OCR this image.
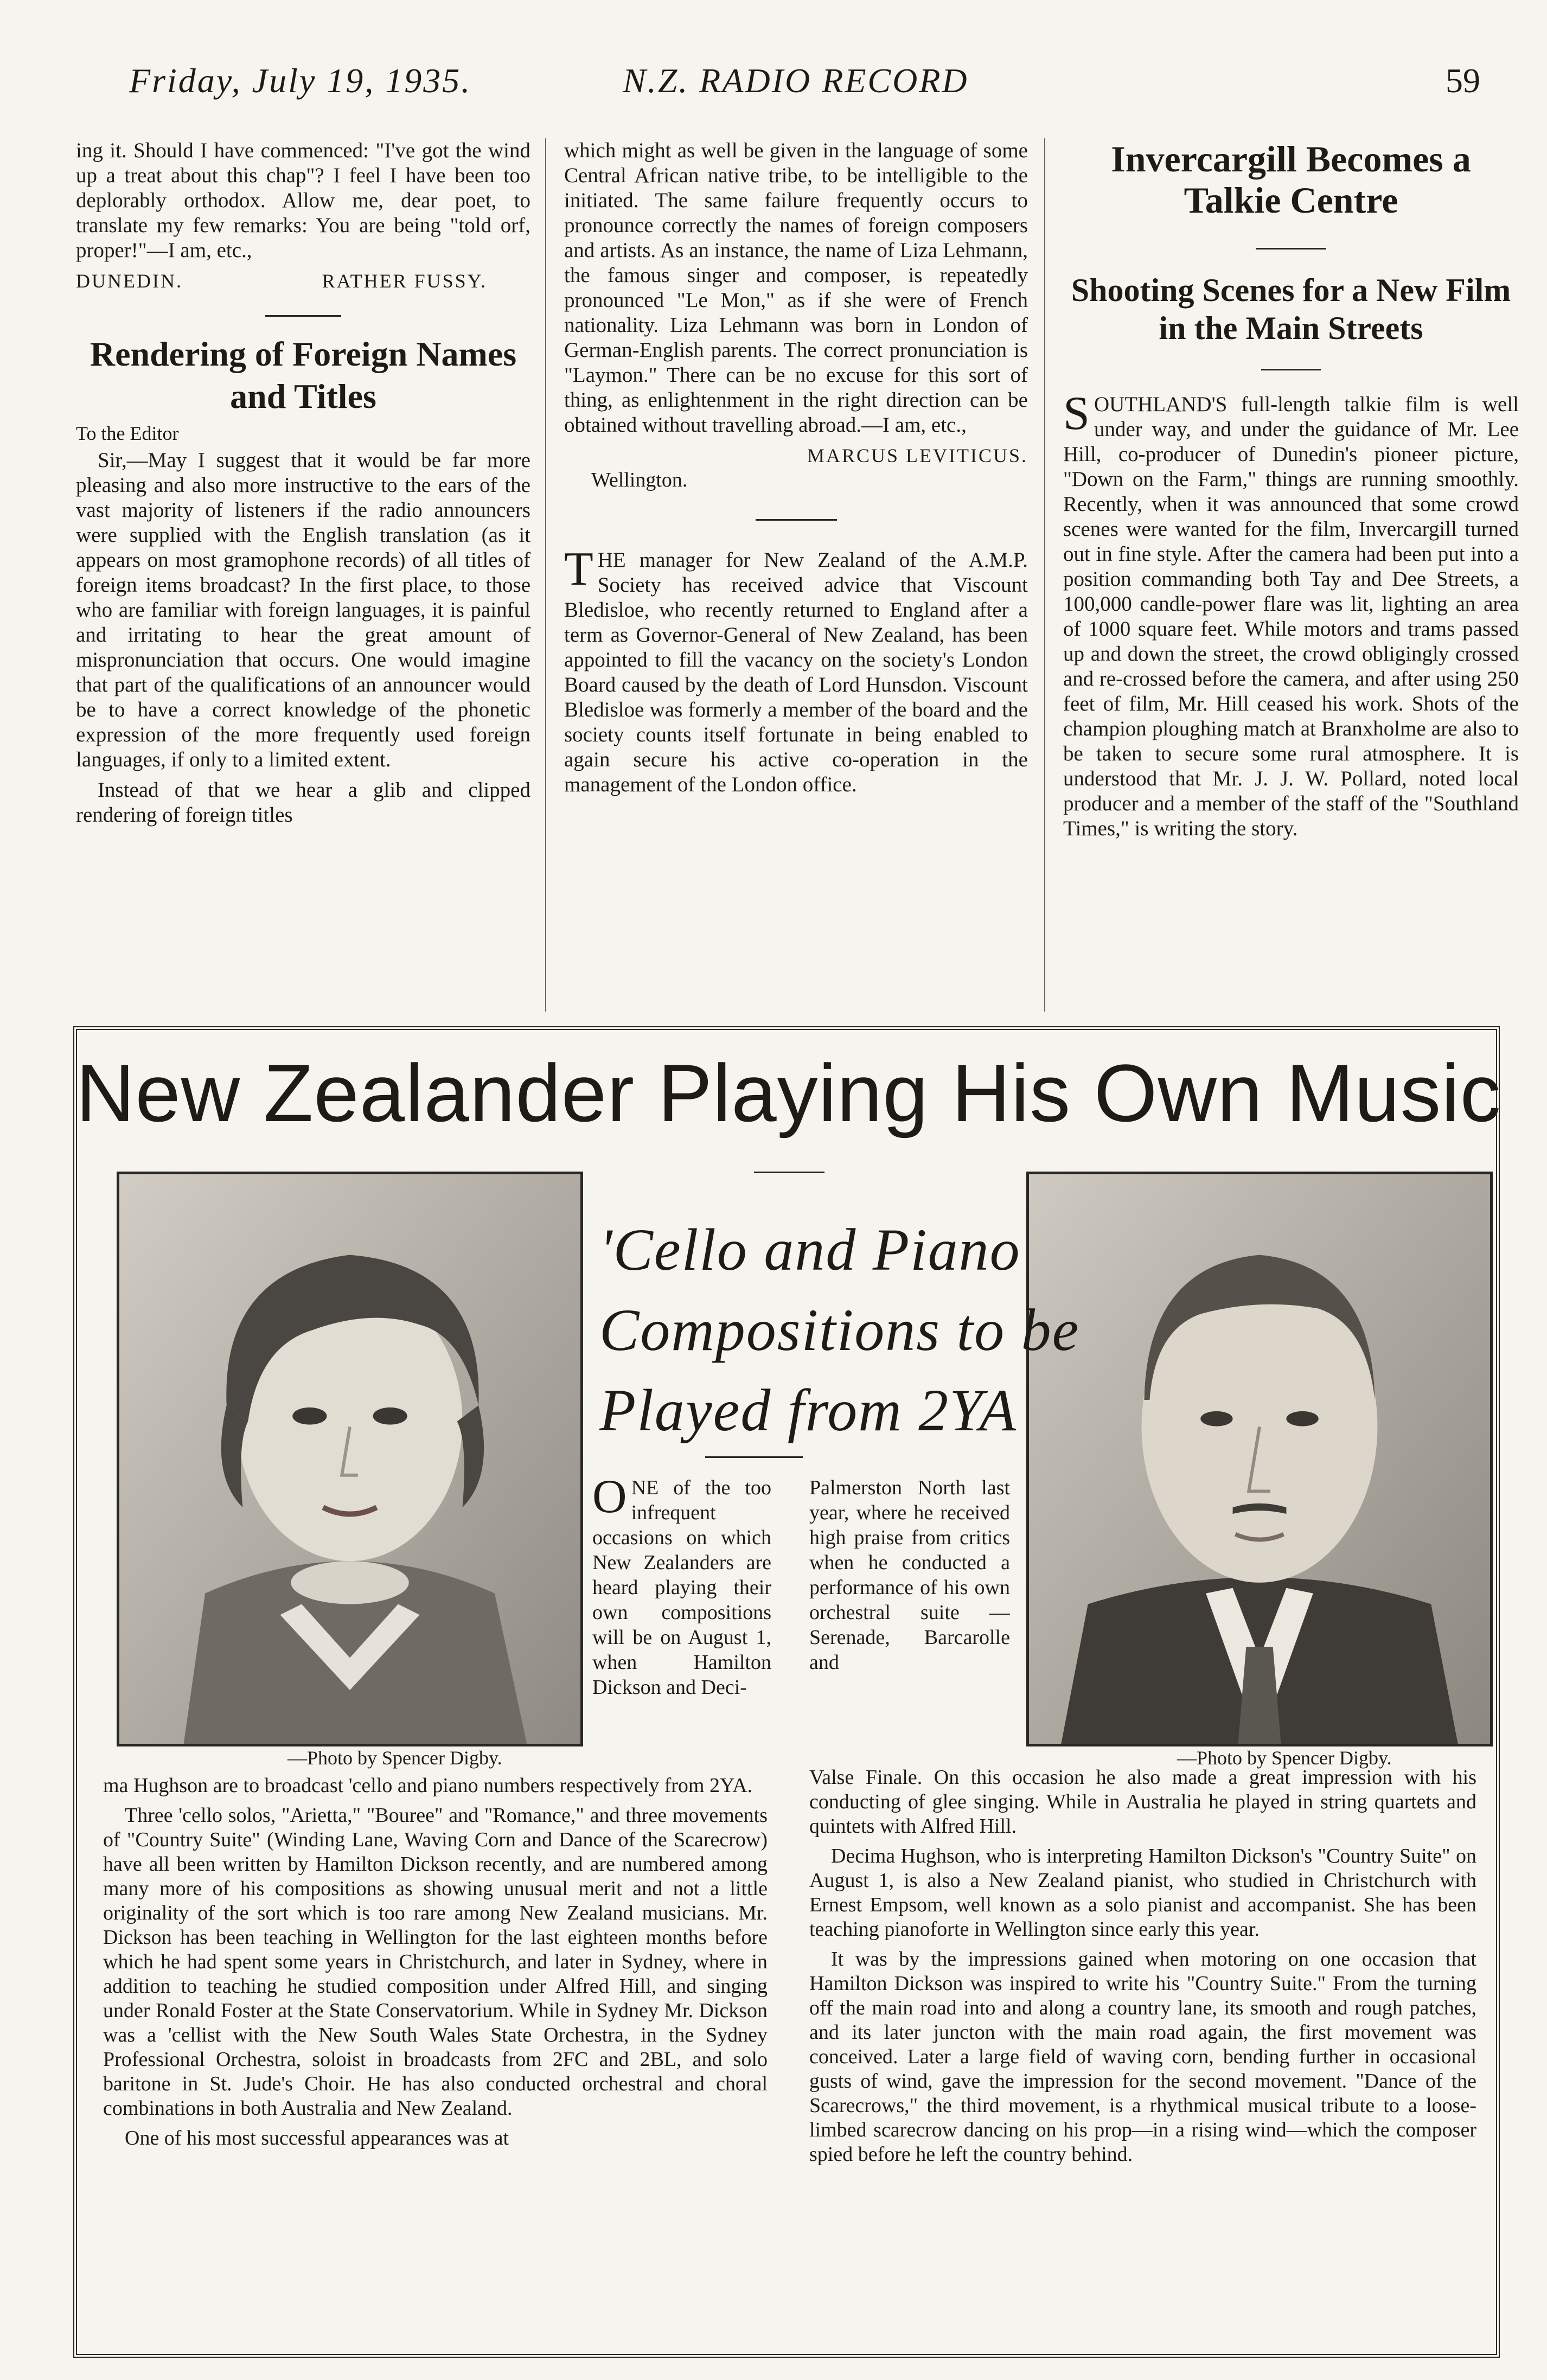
Friday, July 19, 1935.	N.Z. RADIO RECORD	59

ing it. Should I have commenced: "I've got the wind up a treat about this chap"? I feel I have been too deplorably orthodox. Allow me, dear poet, to translate my few remarks: You are being "told orf, proper!"—I am, etc.,

DUNEDIN.	RATHER FUSSY.
Rendering of Foreign Names and Titles
To the Editor

Sir,—May I suggest that it would be far more pleasing and also more instructive to the ears of the vast majority of listeners if the radio announcers were supplied with the English translation (as it appears on most gramophone records) of all titles of foreign items broadcast? In the first place, to those who are familiar with foreign languages, it is painful and irritating to hear the great amount of mispronunciation that occurs. One would imagine that part of the qualifications of an announcer would be to have a correct knowledge of the phonetic expression of the more frequently used foreign languages, if only to a limited extent.

Instead of that we hear a glib and clipped rendering of foreign titles

which might as well be given in the language of some Central African native tribe, to be intelligible to the initiated. The same failure frequently occurs to pronounce correctly the names of foreign composers and artists. As an instance, the name of Liza Lehmann, the famous singer and composer, is repeatedly pronounced "Le Mon," as if she were of French nationality. Liza Lehmann was born in London of German-English parents. The correct pronunciation is "Laymon." There can be no excuse for this sort of thing, as enlightenment in the right direction can be obtained without travelling abroad.—I am, etc.,

MARCUS LEVITICUS.
Wellington.

THE manager for New Zealand of the A.M.P. Society has received advice that Viscount Bledisloe, who recently returned to England after a term as Governor-General of New Zealand, has been appointed to fill the vacancy on the society's London Board caused by the death of Lord Hunsdon. Viscount Bledisloe was formerly a member of the board and the society counts itself fortunate in being enabled to again secure his active co-operation in the management of the London office.

Invercargill Becomes a Talkie Centre
Shooting Scenes for a New Film in the Main Streets

SOUTHLAND'S full-length talkie film is well under way, and under the guidance of Mr. Lee Hill, co-producer of Dunedin's pioneer picture, "Down on the Farm," things are running smoothly. Recently, when it was announced that some crowd scenes were wanted for the film, Invercargill turned out in fine style. After the camera had been put into a position commanding both Tay and Dee Streets, a 100,000 candle-power flare was lit, lighting an area of 1000 square feet. While motors and trams passed up and down the street, the crowd obligingly crossed and re-crossed before the camera, and after using 250 feet of film, Mr. Hill ceased his work. Shots of the champion ploughing match at Branxholme are also to be taken to secure some rural atmosphere. It is understood that Mr. J. J. W. Pollard, noted local producer and a member of the staff of the "Southland Times," is writing the story.

New Zealander Playing His Own Music
—Photo by Spencer Digby.	—Photo by Spencer Digby.
'Cello and Piano
Compositions to be
Played from 2YA

ONE of the too infrequent occasions on which New Zealanders are heard playing their own compositions will be on August 1, when Hamilton Dickson and Deci-

Palmerston North last year, where he received high praise from critics when he conducted a performance of his own orchestral suite — Serenade, Barcarolle and

ma Hughson are to broadcast 'cello and piano numbers respectively from 2YA.

Three 'cello solos, "Arietta," "Bouree" and "Romance," and three movements of "Country Suite" (Winding Lane, Waving Corn and Dance of the Scarecrow) have all been written by Hamilton Dickson recently, and are numbered among many more of his compositions as showing unusual merit and not a little originality of the sort which is too rare among New Zealand musicians. Mr. Dickson has been teaching in Wellington for the last eighteen months before which he had spent some years in Christchurch, and later in Sydney, where in addition to teaching he studied composition under Alfred Hill, and singing under Ronald Foster at the State Conservatorium. While in Sydney Mr. Dickson was a 'cellist with the New South Wales State Orchestra, in the Sydney Professional Orchestra, soloist in broadcasts from 2FC and 2BL, and solo baritone in St. Jude's Choir. He has also conducted orchestral and choral combinations in both Australia and New Zealand.

One of his most successful appearances was at

Valse Finale. On this occasion he also made a great impression with his conducting of glee singing. While in Australia he played in string quartets and quintets with Alfred Hill.

Decima Hughson, who is interpreting Hamilton Dickson's "Country Suite" on August 1, is also a New Zealand pianist, who studied in Christchurch with Ernest Empsom, well known as a solo pianist and accompanist. She has been teaching pianoforte in Wellington since early this year.

It was by the impressions gained when motoring on one occasion that Hamilton Dickson was inspired to write his "Country Suite." From the turning off the main road into and along a country lane, its smooth and rough patches, and its later juncton with the main road again, the first movement was conceived. Later a large field of waving corn, bending further in occasional gusts of wind, gave the impression for the second movement. "Dance of the Scarecrows," the third movement, is a rhythmical musical tribute to a loose-limbed scarecrow dancing on his prop—in a rising wind—which the composer spied before he left the country behind.
